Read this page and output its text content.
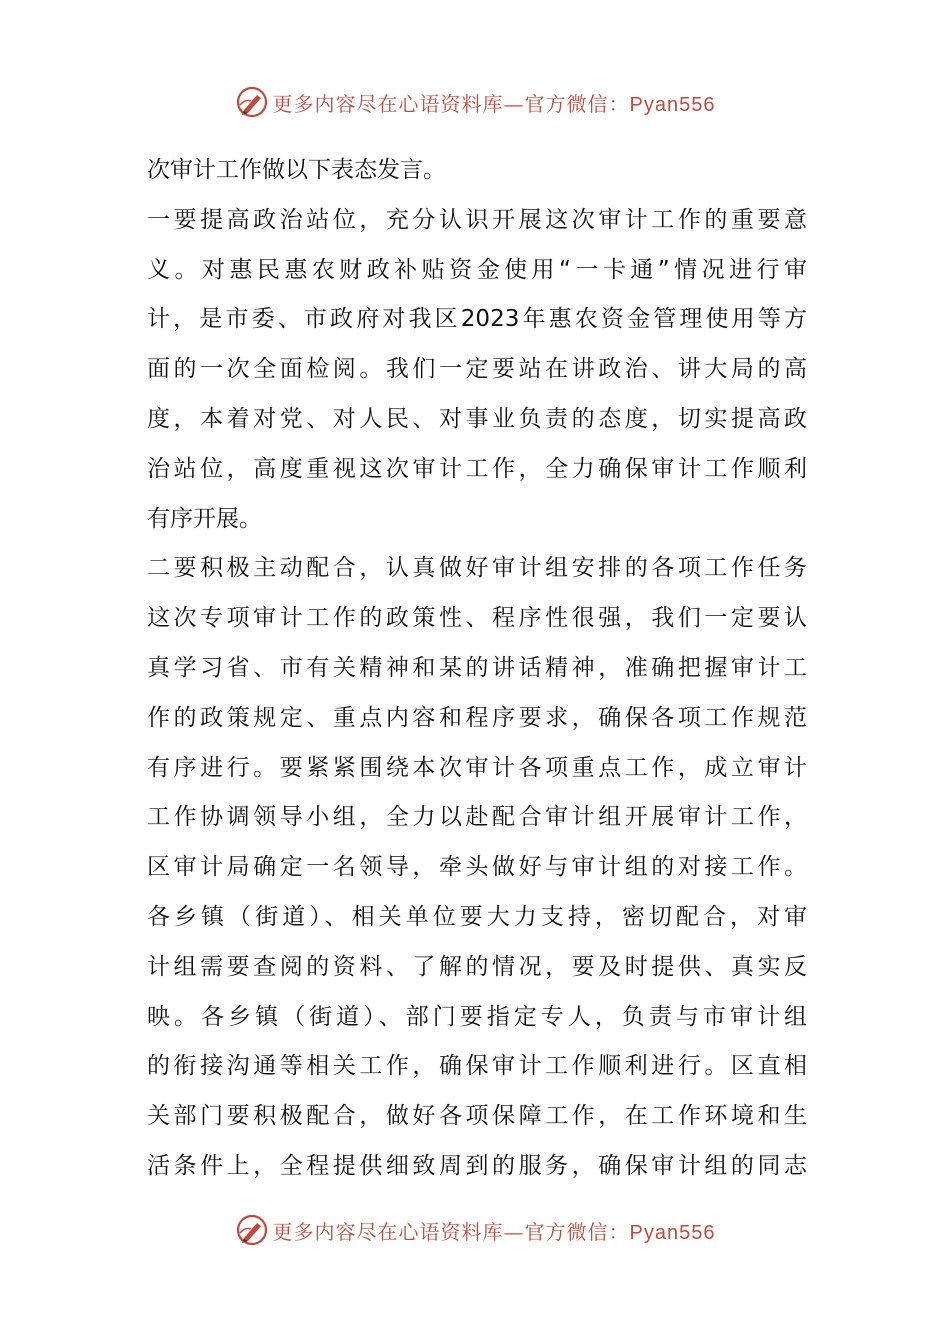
更多内容尽在心语资料库—官方微信：Pyan556
次审计工作做以下表态发言。
一要提高政治站位，充分认识开展这次审计工作的重要意
义。对惠民惠农财政补贴资金使用“一卡通”情况进行审
计，是市委、市政府对我区2023年惠农资金管理使用等方
面的一次全面检阅。我们一定要站在讲政治、讲大局的高
度，本着对党、对人民、对事业负责的态度，切实提高政
治站位，高度重视这次审计工作，全力确保审计工作顺利
有序开展。
二要积极主动配合，认真做好审计组安排的各项工作任务
这次专项审计工作的政策性、程序性很强，我们一定要认
真学习省、市有关精神和某的讲话精神，准确把握审计工
作的政策规定、重点内容和程序要求，确保各项工作规范
有序进行。要紧紧围绕本次审计各项重点工作，成立审计
工作协调领导小组，全力以赴配合审计组开展审计工作，
区审计局确定一名领导，牵头做好与审计组的对接工作。
各乡镇（街道）、相关单位要大力支持，密切配合，对审
计组需要查阅的资料、了解的情况，要及时提供、真实反
映。各乡镇（街道）、部门要指定专人，负责与市审计组
的衔接沟通等相关工作，确保审计工作顺利进行。区直相
关部门要积极配合，做好各项保障工作，在工作环境和生
活条件上，全程提供细致周到的服务，确保审计组的同志
更多内容尽在心语资料库—官方微信：Pyan556
